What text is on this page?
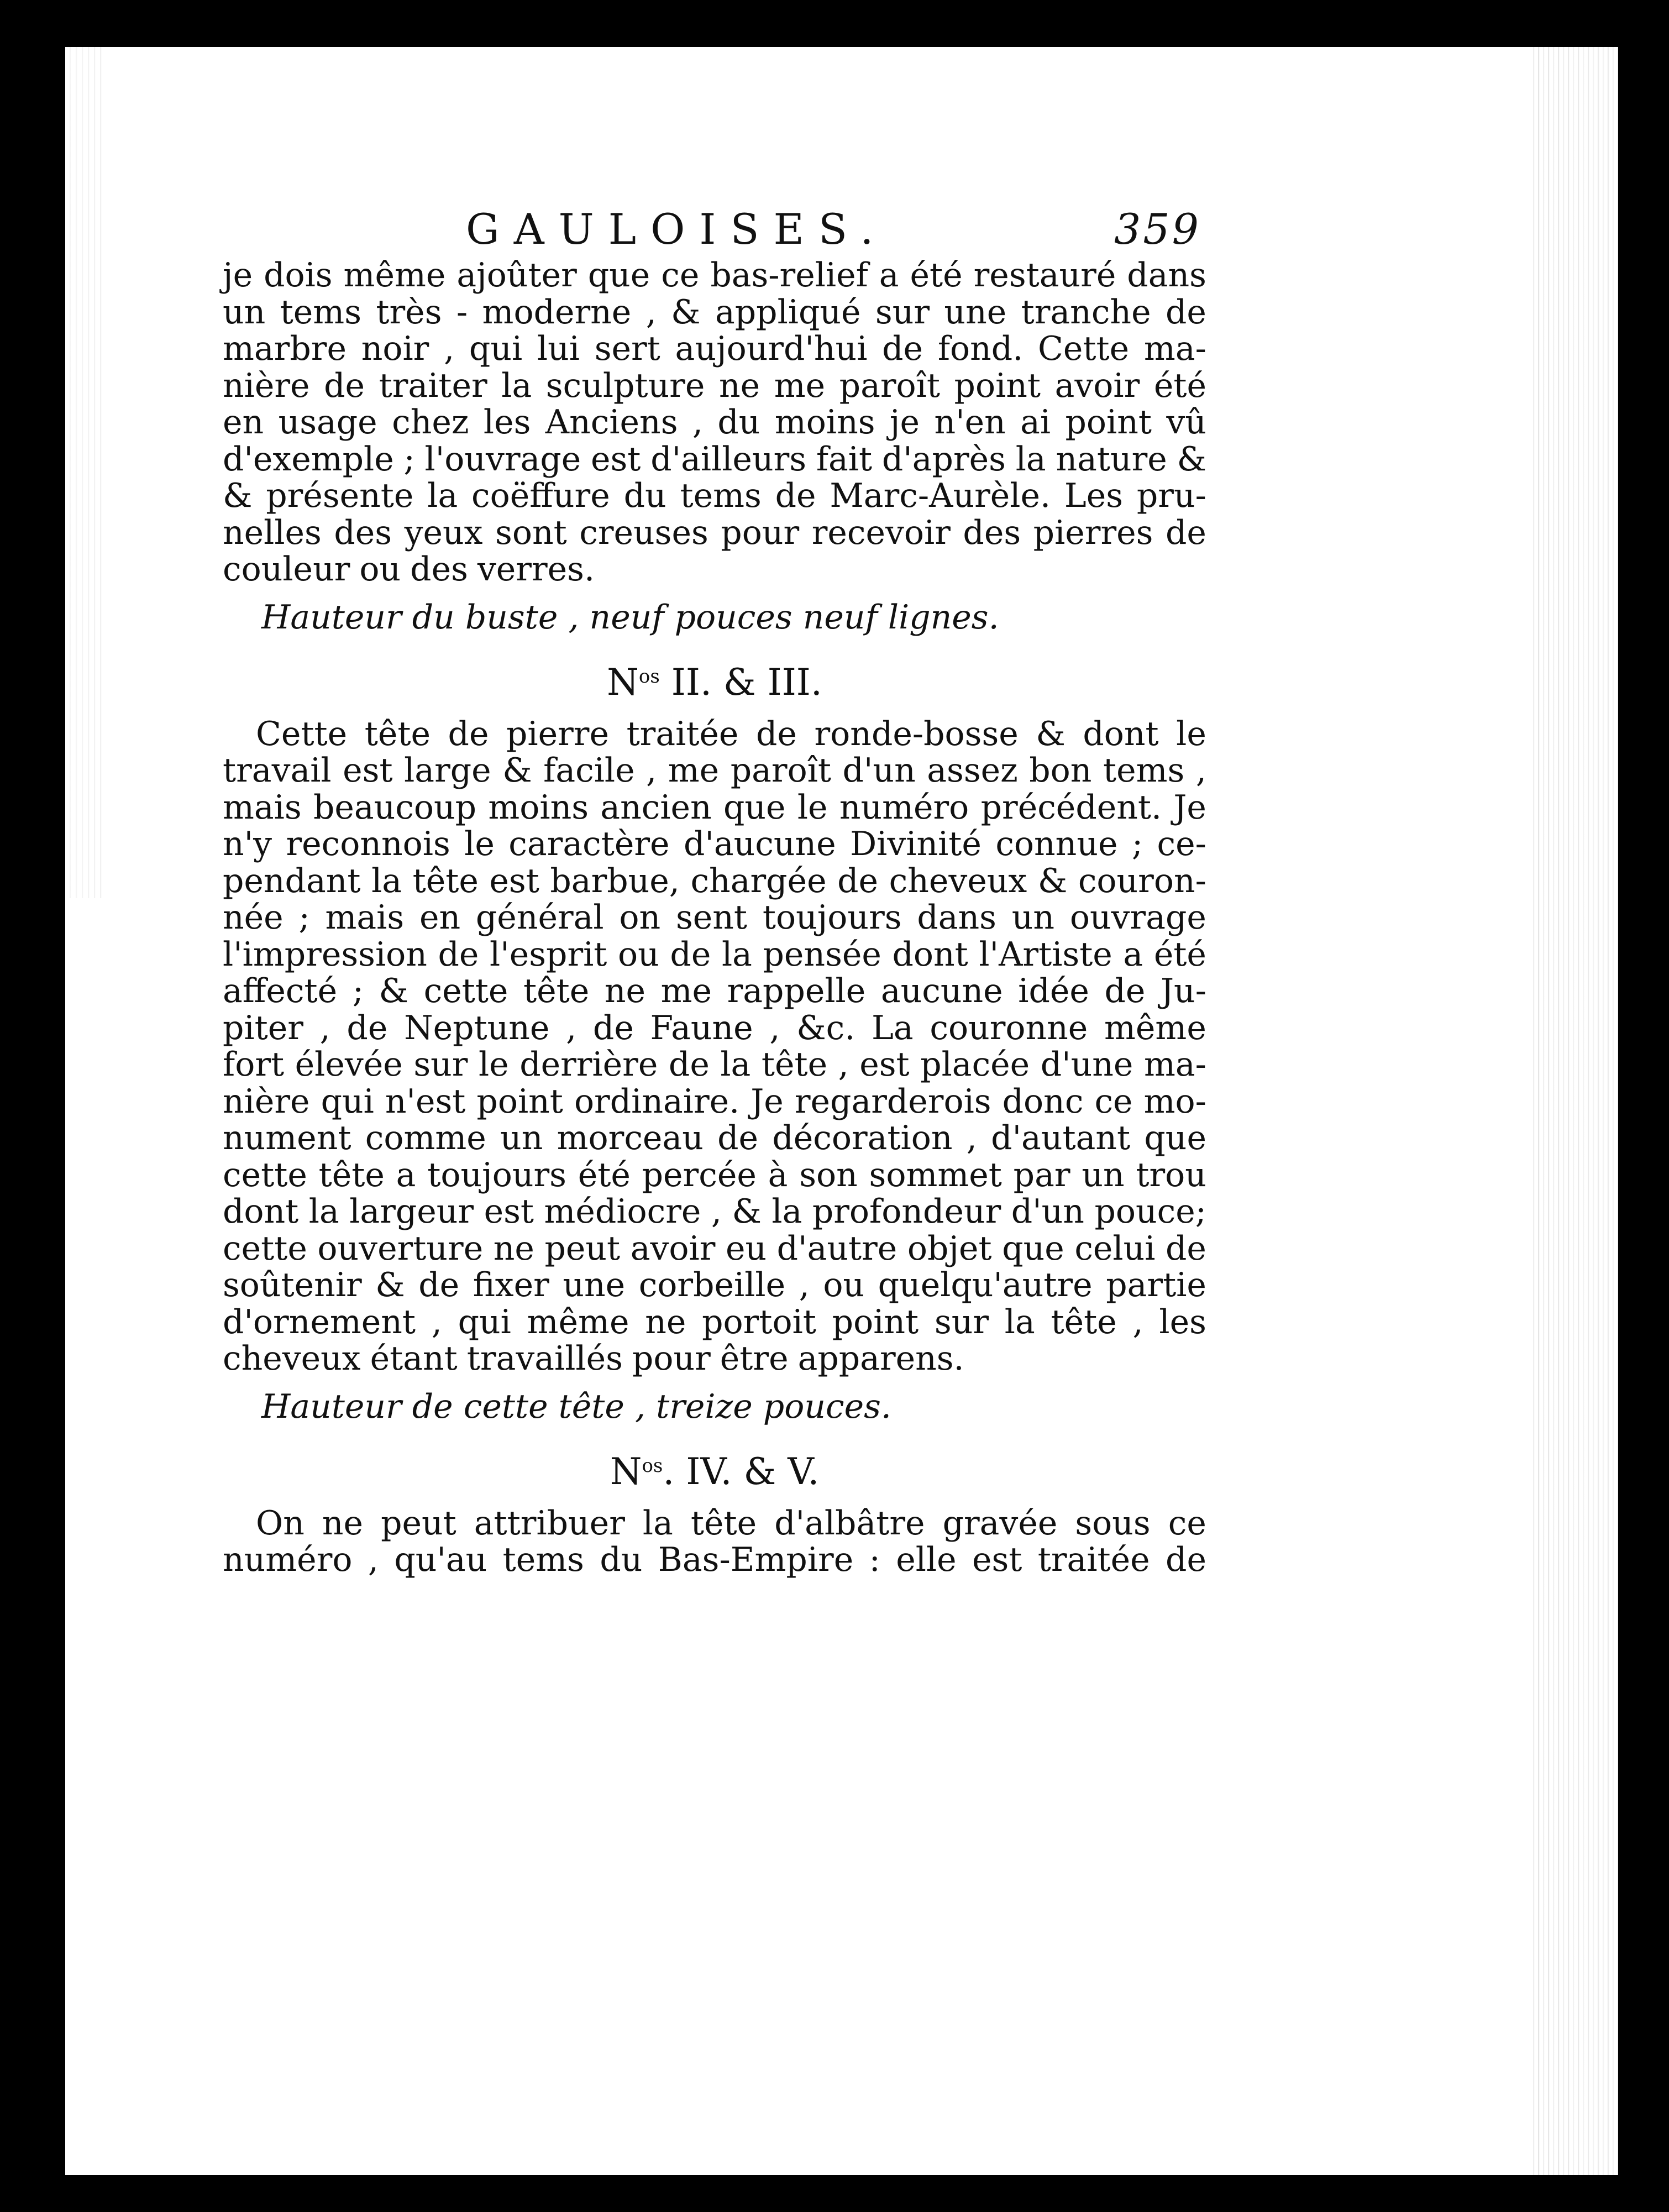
GAULOISES.	359
je dois même ajoûter que ce bas-relief a été restauré dans
un tems très - moderne , & appliqué sur une tranche de
marbre noir , qui lui sert aujourd'hui de fond. Cette ma-
nière de traiter la sculpture ne me paroît point avoir été
en usage chez les Anciens , du moins je n'en ai point vû
d'exemple ; l'ouvrage est d'ailleurs fait d'après la nature &
& présente la coëffure du tems de Marc-Aurèle. Les pru-
nelles des yeux sont creuses pour recevoir des pierres de
couleur ou des verres.
Hauteur du buste , neuf pouces neuf lignes.
$N^{os}$ II. & III.
Cette tête de pierre traitée de ronde-bosse & dont le
travail est large & facile , me paroît d'un assez bon tems ,
mais beaucoup moins ancien que le numéro précédent. Je
n'y reconnois le caractère d'aucune Divinité connue ; ce-
pendant la tête est barbue, chargée de cheveux & couron-
née ; mais en général on sent toujours dans un ouvrage
l'impression de l'esprit ou de la pensée dont l'Artiste a été
affecté ; & cette tête ne me rappelle aucune idée de Ju-
piter , de Neptune , de Faune , &c. La couronne même
fort élevée sur le derrière de la tête , est placée d'une ma-
nière qui n'est point ordinaire. Je regarderois donc ce mo-
nument comme un morceau de décoration , d'autant que
cette tête a toujours été percée à son sommet par un trou
dont la largeur est médiocre , & la profondeur d'un pouce;
cette ouverture ne peut avoir eu d'autre objet que celui de
soûtenir & de fixer une corbeille , ou quelqu'autre partie
d'ornement , qui même ne portoit point sur la tête , les
cheveux étant travaillés pour être apparens.
Hauteur de cette tête , treize pouces.
$N^{os}$. IV. & V.
On ne peut attribuer la tête d'albâtre gravée sous ce
numéro , qu'au tems du Bas-Empire : elle est traitée de
